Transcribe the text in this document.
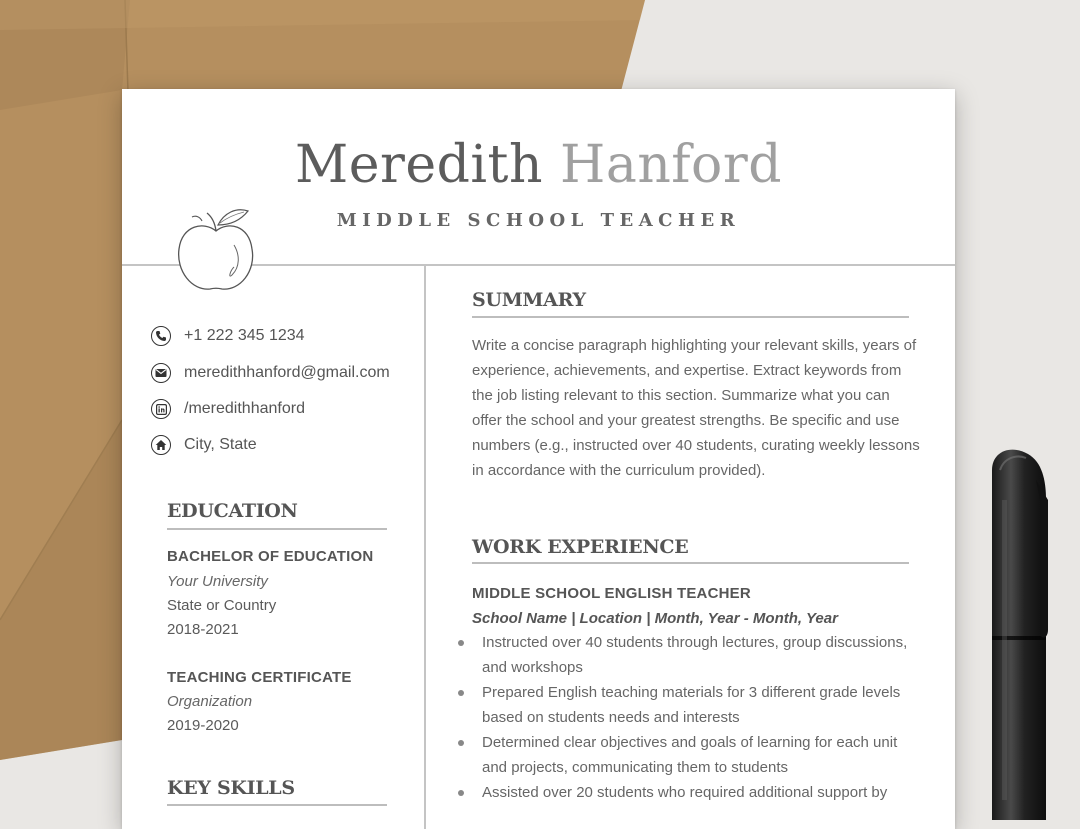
Meredith Hanford
MIDDLE SCHOOL TEACHER
+1 222 345 1234
meredithhanford@gmail.com
/meredithhanford
City, State
EDUCATION
BACHELOR OF EDUCATION
Your University
State or Country
2018-2021
TEACHING CERTIFICATE
Organization
2019-2020
KEY SKILLS
SUMMARY
Write a concise paragraph highlighting your relevant skills, years of experience, achievements, and expertise. Extract keywords from the job listing relevant to this section. Summarize what you can offer the school and your greatest strengths. Be specific and use numbers (e.g., instructed over 40 students, curating weekly lessons in accordance with the curriculum provided).
WORK EXPERIENCE
MIDDLE SCHOOL ENGLISH TEACHER
School Name | Location | Month, Year - Month, Year
Instructed over 40 students through lectures, group discussions, and workshops
Prepared English teaching materials for 3 different grade levels based on students needs and interests
Determined clear objectives and goals of learning for each unit and projects, communicating them to students
Assisted over 20 students who required additional support by
